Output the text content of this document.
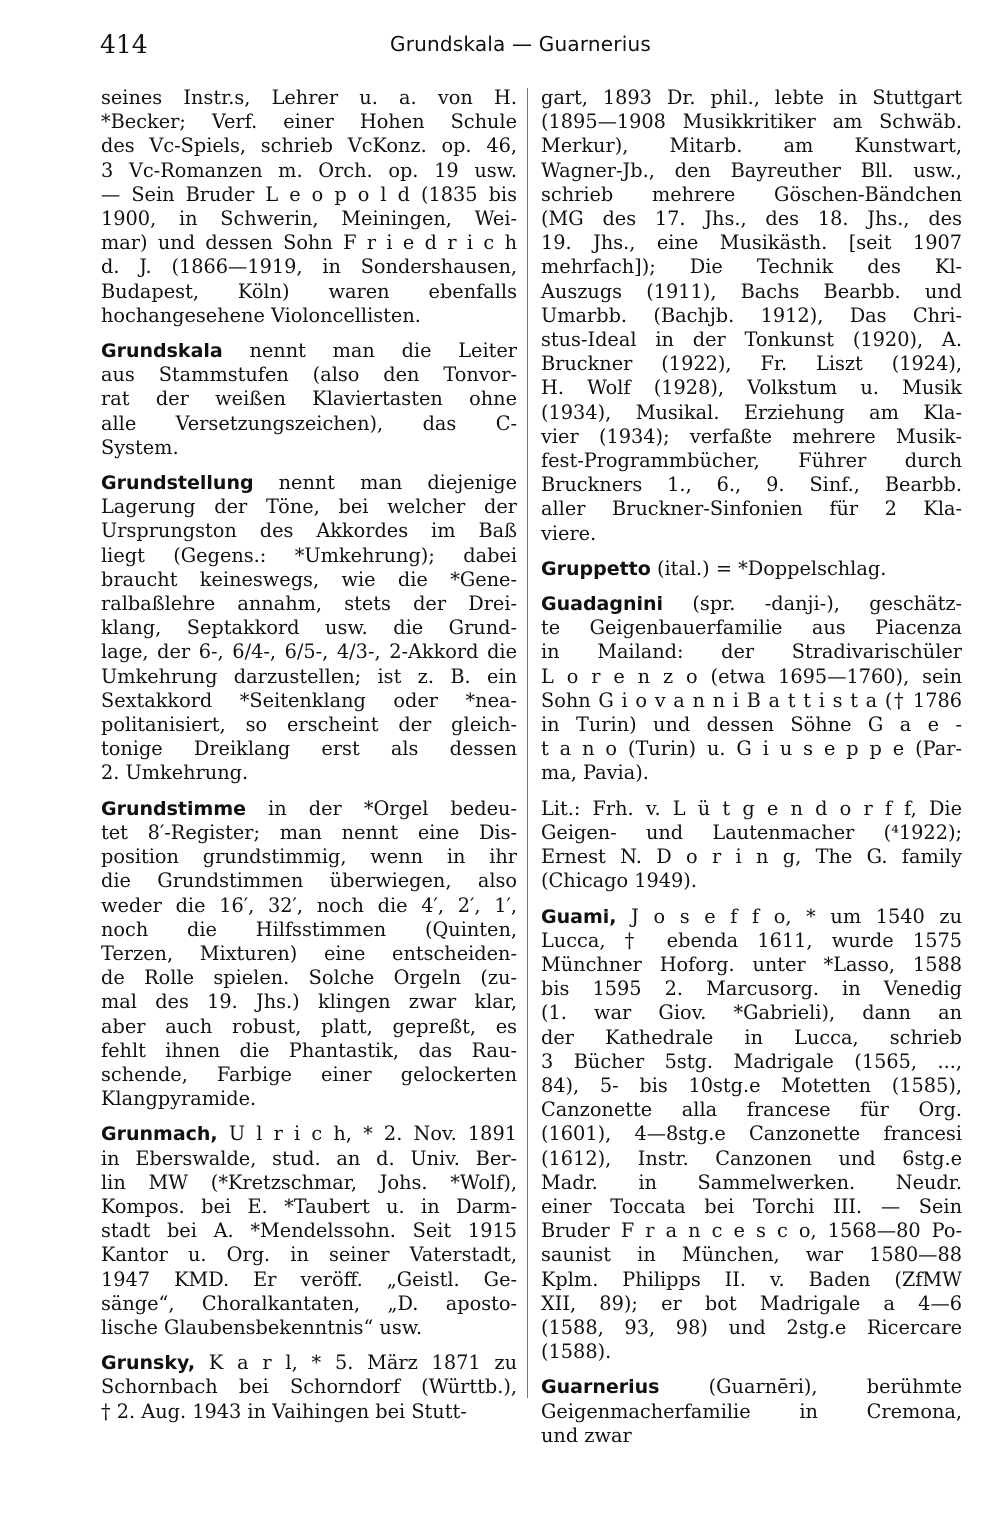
414	Grundskala — Guarnerius
seines Instr.s, Lehrer u. a. von H.
*Becker; Verf. einer Hohen Schule
des Vc-Spiels, schrieb VcKonz. op. 46,
3 Vc-Romanzen m. Orch. op. 19 usw.
— Sein Bruder L e o p o l d (1835 bis
1900, in Schwerin, Meiningen, Wei-
mar) und dessen Sohn F r i e d r i c h
d. J. (1866—1919, in Sondershausen,
Budapest, Köln) waren ebenfalls
hochangesehene Violoncellisten.
Grundskala nennt man die Leiter
aus Stammstufen (also den Tonvor-
rat der weißen Klaviertasten ohne
alle Versetzungszeichen), das C-
System.
Grundstellung nennt man diejenige
Lagerung der Töne, bei welcher der
Ursprungston des Akkordes im Baß
liegt (Gegens.: *Umkehrung); dabei
braucht keineswegs, wie die *Gene-
ralbaßlehre annahm, stets der Drei-
klang, Septakkord usw. die Grund-
lage, der 6-, 6/4-, 6/5-, 4/3-, 2-Akkord die
Umkehrung darzustellen; ist z. B. ein
Sextakkord *Seitenklang oder *nea-
politanisiert, so erscheint der gleich-
tonige Dreiklang erst als dessen
2. Umkehrung.
Grundstimme in der *Orgel bedeu-
tet 8′-Register; man nennt eine Dis-
position grundstimmig, wenn in ihr
die Grundstimmen überwiegen, also
weder die 16′, 32′, noch die 4′, 2′, 1′,
noch die Hilfsstimmen (Quinten,
Terzen, Mixturen) eine entscheiden-
de Rolle spielen. Solche Orgeln (zu-
mal des 19. Jhs.) klingen zwar klar,
aber auch robust, platt, gepreßt, es
fehlt ihnen die Phantastik, das Rau-
schende, Farbige einer gelockerten
Klangpyramide.
Grunmach, U l r i c h, * 2. Nov. 1891
in Eberswalde, stud. an d. Univ. Ber-
lin MW (*Kretzschmar, Johs. *Wolf),
Kompos. bei E. *Taubert u. in Darm-
stadt bei A. *Mendelssohn. Seit 1915
Kantor u. Org. in seiner Vaterstadt,
1947 KMD. Er veröff. „Geistl. Ge-
sänge“, Choralkantaten, „D. aposto-
lische Glaubensbekenntnis“ usw.
Grunsky, K a r l, * 5. März 1871 zu
Schornbach bei Schorndorf (Württb.),
† 2. Aug. 1943 in Vaihingen bei Stutt-
gart, 1893 Dr. phil., lebte in Stuttgart
(1895—1908 Musikkritiker am Schwäb.
Merkur), Mitarb. am Kunstwart,
Wagner-Jb., den Bayreuther Bll. usw.,
schrieb mehrere Göschen-Bändchen
(MG des 17. Jhs., des 18. Jhs., des
19. Jhs., eine Musikästh. [seit 1907
mehrfach]); Die Technik des Kl-
Auszugs (1911), Bachs Bearbb. und
Umarbb. (Bachjb. 1912), Das Chri-
stus-Ideal in der Tonkunst (1920), A.
Bruckner (1922), Fr. Liszt (1924),
H. Wolf (1928), Volkstum u. Musik
(1934), Musikal. Erziehung am Kla-
vier (1934); verfaßte mehrere Musik-
fest-Programmbücher, Führer durch
Bruckners 1., 6., 9. Sinf., Bearbb.
aller Bruckner-Sinfonien für 2 Kla-
viere.
Gruppetto (ital.) = *Doppelschlag.
Guadagnini (spr. -danji-), geschätz-
te Geigenbauerfamilie aus Piacenza
in Mailand: der Stradivarischüler
L o r e n z o (etwa 1695—1760), sein
Sohn G i o v a n n i B a t t i s t a († 1786
in Turin) und dessen Söhne G a e -
t a n o (Turin) u. G i u s e p p e (Par-
ma, Pavia).
Lit.: Frh. v. L ü t g e n d o r f f, Die
Geigen- und Lautenmacher (⁴1922);
Ernest N. D o r i n g, The G. family
(Chicago 1949).
Guami, J o s e f f o, * um 1540 zu
Lucca, † ebenda 1611, wurde 1575
Münchner Hoforg. unter *Lasso, 1588
bis 1595 2. Marcusorg. in Venedig
(1. war Giov. *Gabrieli), dann an
der Kathedrale in Lucca, schrieb
3 Bücher 5stg. Madrigale (1565, ...,
84), 5- bis 10stg.e Motetten (1585),
Canzonette alla francese für Org.
(1601), 4—8stg.e Canzonette francesi
(1612), Instr. Canzonen und 6stg.e
Madr. in Sammelwerken. Neudr.
einer Toccata bei Torchi III. — Sein
Bruder F r a n c e s c o, 1568—80 Po-
saunist in München, war 1580—88
Kplm. Philipps II. v. Baden (ZfMW
XII, 89); er bot Madrigale a 4—6
(1588, 93, 98) und 2stg.e Ricercare
(1588).
Guarnerius (Guarnēri), berühmte
Geigenmacherfamilie in Cremona,
und zwar
